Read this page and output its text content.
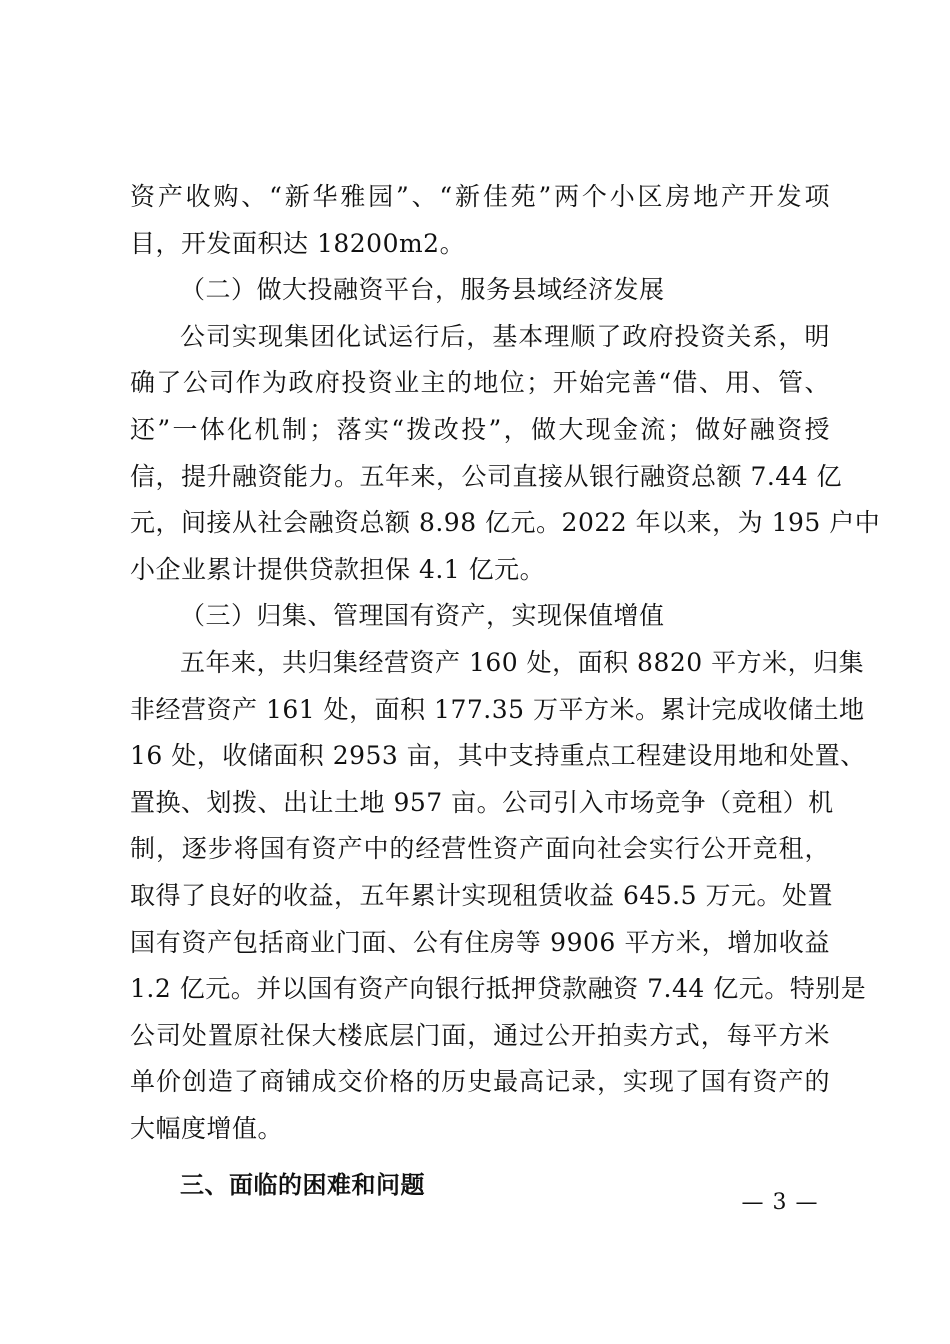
资产收购、“新华雅园”、“新佳苑”两个小区房地产开发项
目，开发面积达 18200m2。
（二）做大投融资平台，服务县域经济发展
公司实现集团化试运行后，基本理顺了政府投资关系，明
确了公司作为政府投资业主的地位；开始完善“借、用、管、
还”一体化机制；落实“拨改投”，做大现金流；做好融资授
信，提升融资能力。五年来，公司直接从银行融资总额 7.44 亿
元，间接从社会融资总额 8.98 亿元。2022 年以来，为 195 户中
小企业累计提供贷款担保 4.1 亿元。
（三）归集、管理国有资产，实现保值增值
五年来，共归集经营资产 160 处，面积 8820 平方米，归集
非经营资产 161 处，面积 177.35 万平方米。累计完成收储土地
16 处，收储面积 2953 亩，其中支持重点工程建设用地和处置、
置换、划拨、出让土地 957 亩。公司引入市场竞争（竞租）机
制，逐步将国有资产中的经营性资产面向社会实行公开竞租，
取得了良好的收益，五年累计实现租赁收益 645.5 万元。处置
国有资产包括商业门面、公有住房等 9906 平方米，增加收益
1.2 亿元。并以国有资产向银行抵押贷款融资 7.44 亿元。特别是
公司处置原社保大楼底层门面，通过公开拍卖方式，每平方米
单价创造了商铺成交价格的历史最高记录，实现了国有资产的
大幅度增值。
三、面临的困难和问题
— 3 —
